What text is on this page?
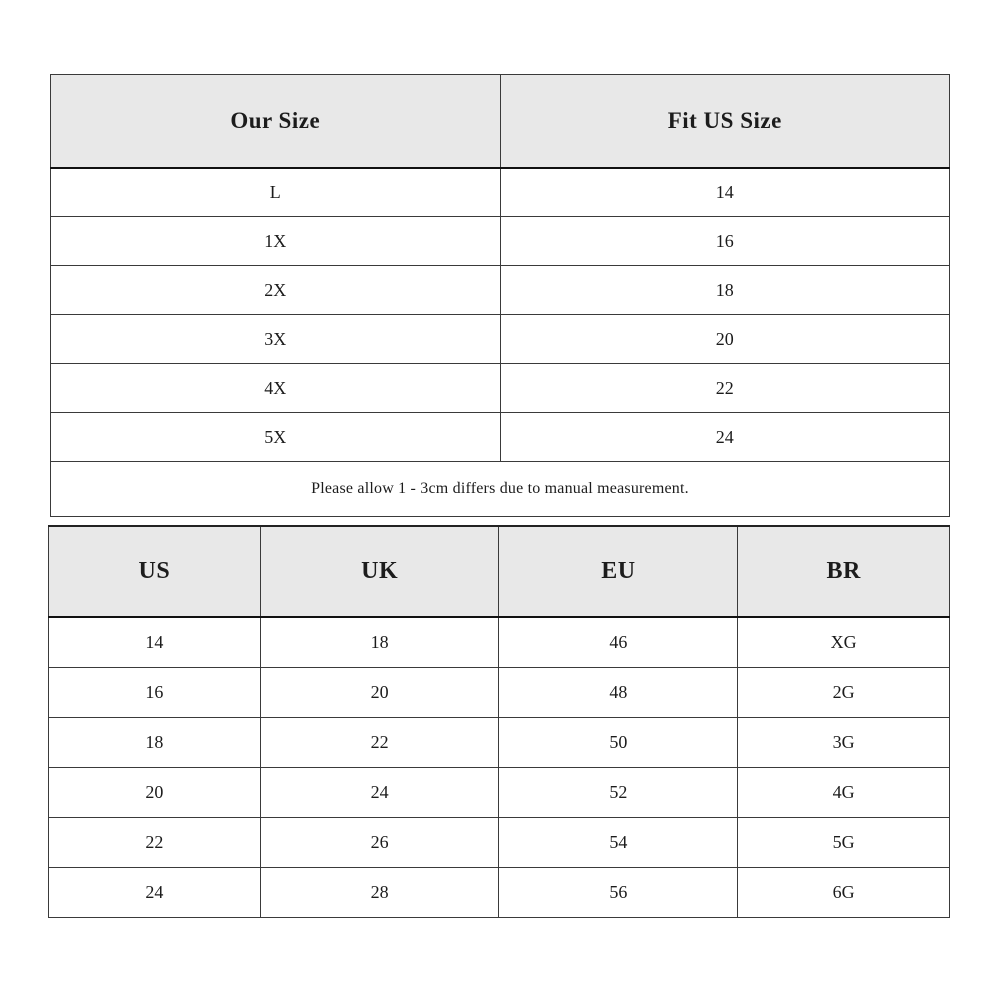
Our Size	Fit US Size
L	14
1X	16
2X	18
3X	20
4X	22
5X	24
Please allow 1 - 3cm differs due to manual measurement.	
US	UK	EU	BR
14	18	46	XG
16	20	48	2G
18	22	50	3G
20	24	52	4G
22	26	54	5G
24	28	56	6G
